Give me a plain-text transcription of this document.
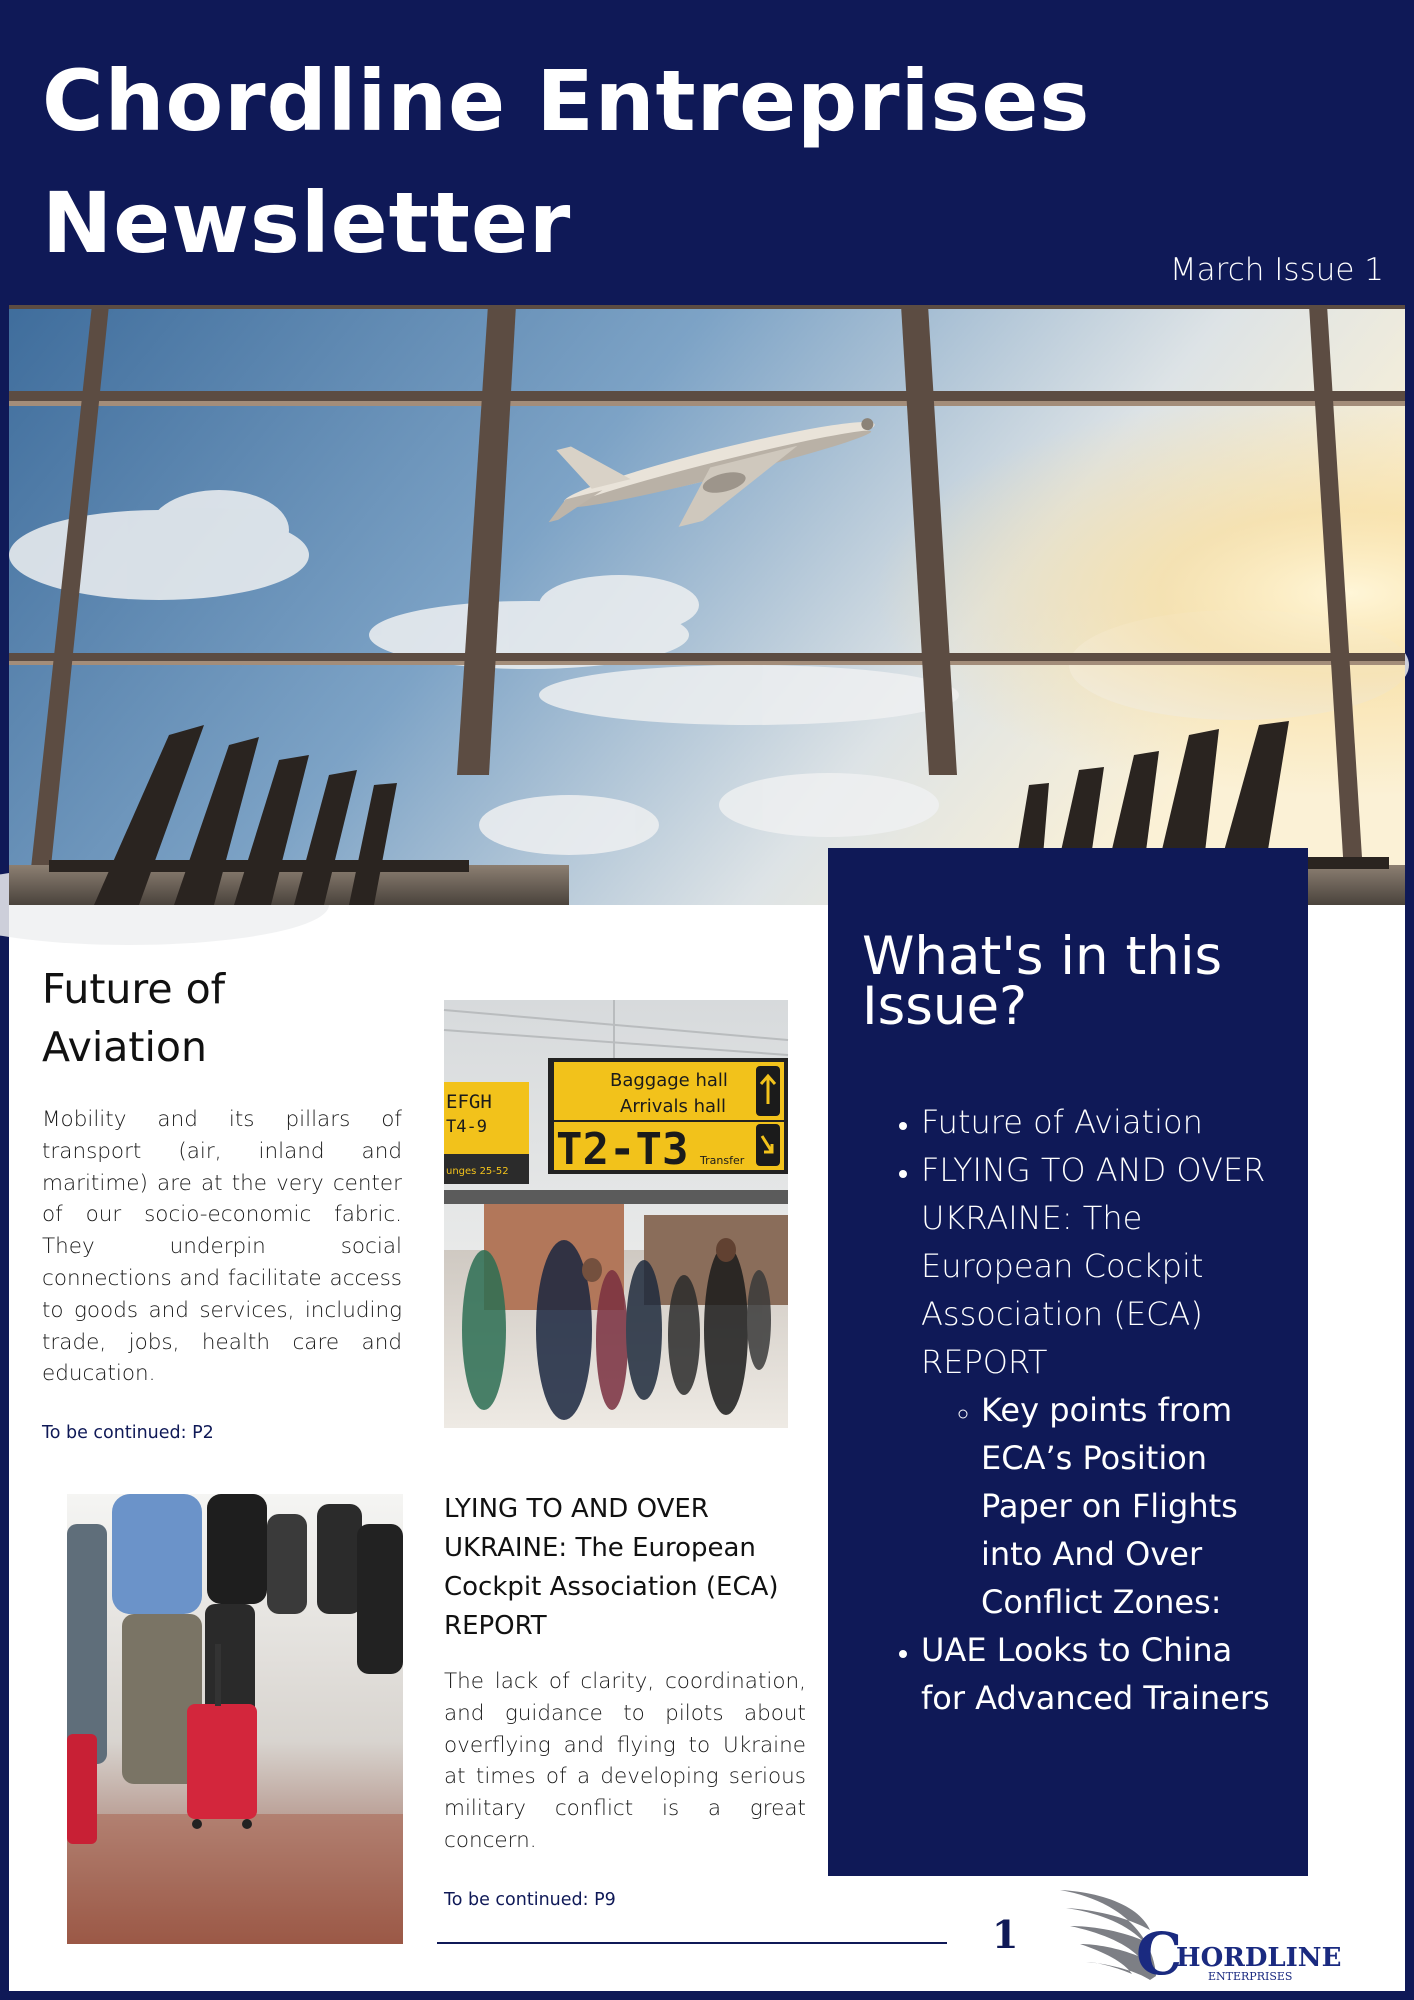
Chordline Entreprises
Newsletter	March Issue 1
Future of
Aviation

Mobility and its pillars of transport (air, inland and maritime) are at the very center of our socio-economic fabric. They underpin social connections and facilitate access to goods and services, including trade, jobs, health care and education.

To be continued: P2
EFGH
T4-9
unges 25-52
Baggage hall
Arrivals hall
T2-T3 Transfer
LYING TO AND OVER UKRAINE: The European Cockpit Association (ECA) REPORT

The lack of clarity, coordination, and guidance to pilots about overflying and flying to Ukraine at times of a developing serious military conflict is a great concern.

To be continued: P9
What's in this Issue?
• Future of Aviation
• FLYING TO AND OVER UKRAINE: The European Cockpit Association (ECA) REPORT
◦ Key points from ECA’s Position Paper on Flights into And Over Conflict Zones:
• UAE Looks to China for Advanced Trainers
1 C
HORDLINE
ENTERPRISES
